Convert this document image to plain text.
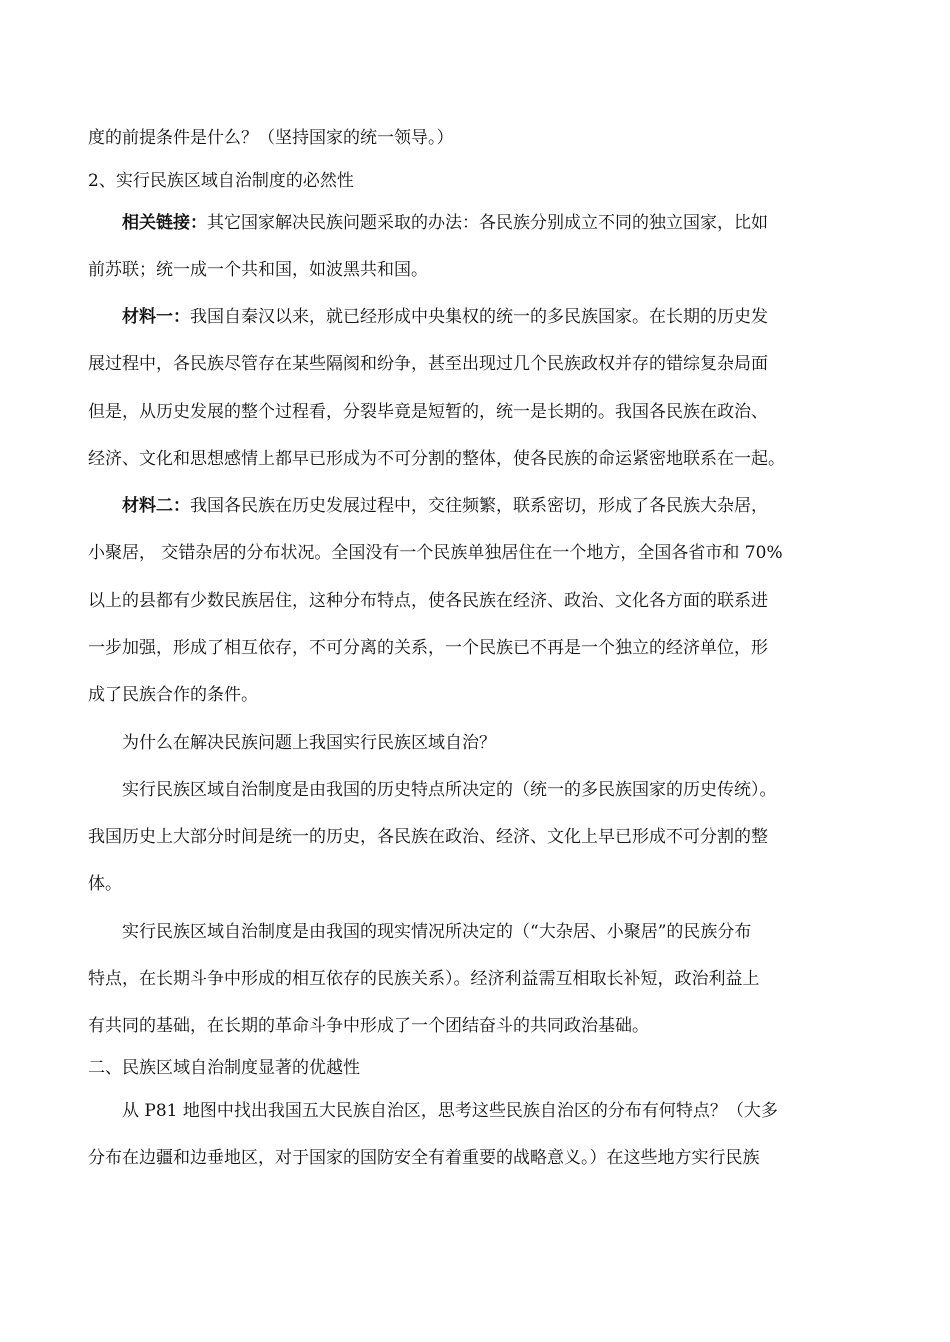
度的前提条件是什么？（坚持国家的统一领导。）
2、实行民族区域自治制度的必然性
相关链接：其它国家解决民族问题采取的办法：各民族分别成立不同的独立国家，比如
前苏联；统一成一个共和国，如波黑共和国。
材料一：我国自秦汉以来，就已经形成中央集权的统一的多民族国家。在长期的历史发
展过程中，各民族尽管存在某些隔阂和纷争，甚至出现过几个民族政权并存的错综复杂局面
但是，从历史发展的整个过程看，分裂毕竟是短暂的，统一是长期的。我国各民族在政治、
经济、文化和思想感情上都早已形成为不可分割的整体，使各民族的命运紧密地联系在一起。
材料二：我国各民族在历史发展过程中，交往频繁，联系密切，形成了各民族大杂居，
小聚居， 交错杂居的分布状况。全国没有一个民族单独居住在一个地方，全国各省市和 70%
以上的县都有少数民族居住，这种分布特点，使各民族在经济、政治、文化各方面的联系进
一步加强，形成了相互依存，不可分离的关系，一个民族已不再是一个独立的经济单位，形
成了民族合作的条件。
为什么在解决民族问题上我国实行民族区域自治？
实行民族区域自治制度是由我国的历史特点所决定的（统一的多民族国家的历史传统）。
我国历史上大部分时间是统一的历史，各民族在政治、经济、文化上早已形成不可分割的整
体。
实行民族区域自治制度是由我国的现实情况所决定的（“大杂居、小聚居”的民族分布
特点，在长期斗争中形成的相互依存的民族关系）。经济利益需互相取长补短，政治利益上
有共同的基础，在长期的革命斗争中形成了一个团结奋斗的共同政治基础。
二、民族区域自治制度显著的优越性
从 P81 地图中找出我国五大民族自治区，思考这些民族自治区的分布有何特点？（大多
分布在边疆和边垂地区，对于国家的国防安全有着重要的战略意义。）在这些地方实行民族
